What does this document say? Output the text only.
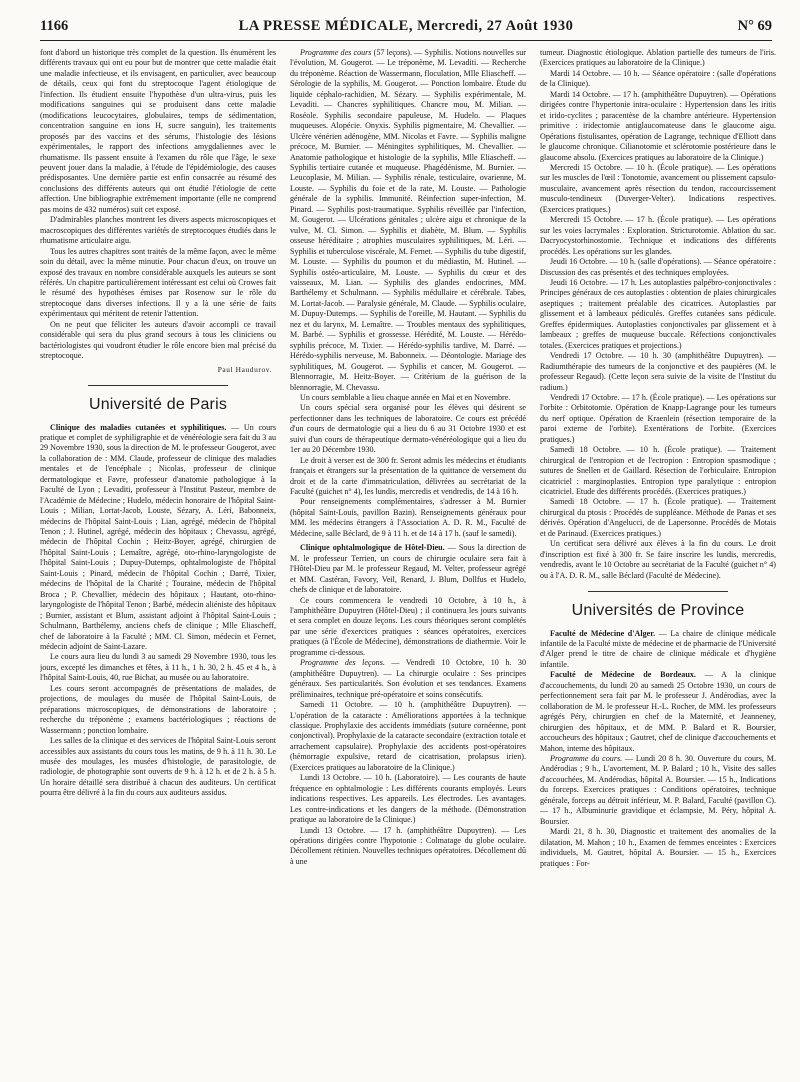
1166	LA PRESSE MÉDICALE, Mercredi, 27 Août 1930	N° 69

font d'abord un historique très complet de la question. Ils énumèrent les différents travaux qui ont eu pour but de montrer que cette maladie était une maladie infectieuse, et ils envisagent, en particulier, avec beaucoup de détails, ceux qui font du streptocoque l'agent étiologique de l'infection. Ils étudient ensuite l'hypothèse d'un ultra-virus, puis les modifications sanguines qui se produisent dans cette maladie (modifications leucocytaires, globulaires, temps de sédimentation, concentration sanguine en ions H, sucre sanguin), les traitements proposés par des vaccins et des sérums, l'histologie des lésions expérimentales, le rapport des infections amygdaliennes avec le rhumatisme. Ils passent ensuite à l'examen du rôle que l'âge, le sexe peuvent jouer dans la maladie, à l'étude de l'épidémiologie, des causes prédisposantes. Une dernière partie est enfin consacrée au résumé des conclusions des différents auteurs qui ont étudié l'étiologie de cette affection. Une bibliographie extrêmement importante (elle ne comprend pas moins de 432 numéros) suit cet exposé.

D'admirables planches montrent les divers aspects microscopiques et macroscopiques des différentes variétés de streptocoques étudiés dans le rhumatisme articulaire aigu.

Tous les autres chapitres sont traités de la même façon, avec le même soin du détail, avec la même minutie. Pour chacun d'eux, on trouve un exposé des travaux en nombre considérable auxquels les auteurs se sont référés. Un chapitre particulièrement intéressant est celui où Crowes fait le résumé des hypothèses émises par Rosenow sur le rôle du streptocoque dans diverses infections. Il y a là une série de faits expérimentaux qui méritent de retenir l'attention.

On ne peut que féliciter les auteurs d'avoir accompli ce travail considérable qui sera du plus grand secours à tous les cliniciens ou bactériologistes qui voudront étudier le rôle encore bien mal précisé du streptocoque.

Paul Haudurov.
Université de Paris

Clinique des maladies cutanées et syphilitiques. — Un cours pratique et complet de syphiligraphie et de vénéréologie sera fait du 3 au 29 Novembre 1930, sous la direction de M. le professeur Gougerot, avec la collaboration de : MM. Claude, professeur de clinique des maladies mentales et de l'encéphale ; Nicolas, professeur de clinique dermatologique et Favre, professeur d'anatomie pathologique à la Faculté de Lyon ; Levaditi, professeur à l'Institut Pasteur, membre de l'Académie de Médecine ; Hudelo, médecin honoraire de l'hôpital Saint-Louis ; Milian, Lortat-Jacob, Louste, Sézary, A. Léri, Babonneix, médecins de l'hôpital Saint-Louis ; Lian, agrégé, médecin de l'hôpital Tenon ; J. Hutinel, agrégé, médecin des hôpitaux ; Chevassu, agrégé, médecin de l'hôpital Cochin ; Heitz-Boyer, agrégé, chirurgien de l'hôpital Saint-Louis ; Lemaître, agrégé, oto-rhino-laryngologiste de l'hôpital Saint-Louis ; Dupuy-Dutemps, ophtalmologiste de l'hôpital Saint-Louis ; Pinard, médecin de l'hôpital Cochin ; Darré, Tixier, médecins de l'hôpital de la Charité ; Touraine, médecin de l'hôpital Broca ; P. Chevallier, médecin des hôpitaux ; Hautant, oto-rhino-laryngologiste de l'hôpital Tenon ; Barbé, médecin aliéniste des hôpitaux ; Burnier, assistant et Blum, assistant adjoint à l'hôpital Saint-Louis ; Schulmann, Barthélemy, anciens chefs de clinique ; Mlle Eliascheff, chef de laboratoire à la Faculté ; MM. Cl. Simon, médecin et Fernet, médecin adjoint de Saint-Lazare.

Le cours aura lieu du lundi 3 au samedi 29 Novembre 1930, tous les jours, excepté les dimanches et fêtes, à 11 h., 1 h. 30, 2 h. 45 et 4 h., à l'hôpital Saint-Louis, 40, rue Bichat, au musée ou au laboratoire.

Les cours seront accompagnés de présentations de malades, de projections, de moulages du musée de l'hôpital Saint-Louis, de préparations microscopiques, de démonstrations de laboratoire ; recherche du tréponème ; examens bactériologiques ; réactions de Wassermann ; ponction lombaire.

Les salles de la clinique et des services de l'hôpital Saint-Louis seront accessibles aux assistants du cours tous les matins, de 9 h. à 11 h. 30. Le musée des moulages, les musées d'histologie, de parasitologie, de radiologie, de photographie sont ouverts de 9 h. à 12 h. et de 2 h. à 5 h. Un horaire détaillé sera distribué à chacun des auditeurs. Un certificat pourra être délivré à la fin du cours aux auditeurs assidus.

Programme des cours (57 leçons). — Syphilis. Notions nouvelles sur l'évolution, M. Gougerot. — Le tréponème, M. Levaditi. — Recherche du tréponème. Réaction de Wassermann, floculation, Mlle Eliascheff. — Sérologie de la syphilis, M. Gougerot. — Ponction lombaire. Étude du liquide céphalo-rachidien, M. Sézary. — Syphilis expérimentale, M. Levaditi. — Chancres syphilitiques. Chancre mou, M. Milian. — Roséole. Syphilis secondaire papuleuse, M. Hudelo. — Plaques muqueuses. Alopécie. Onyxis. Syphilis pigmentaire, M. Chevallier. — Ulcère vénérien adénogène, MM. Nicolas et Favre. — Syphilis maligne précoce, M. Burnier. — Méningites syphilitiques, M. Chevallier. — Anatomie pathologique et histologie de la syphilis, Mlle Eliascheff. — Syphilis tertiaire cutanée et muqueuse. Phagédénisme, M. Burnier. — Leucoplasie, M. Milian. — Syphilis rénale, testiculaire, ovarienne, M. Louste. — Syphilis du foie et de la rate, M. Louste. — Pathologie générale de la syphilis. Immunité. Réinfection super-infection, M. Pinard. — Syphilis post-traumatique. Syphilis réveillée par l'infection, M. Gougerot. — Ulcérations génitales ; ulcère aigu et chronique de la vulve, M. Cl. Simon. — Syphilis et diabète, M. Blum. — Syphilis osseuse héréditaire ; atrophies musculaires syphilitiques, M. Léri. — Syphilis et tuberculose viscérale, M. Fernet. — Syphilis du tube digestif, M. Louste. — Syphilis du poumon et du médiastin, M. Hutinel. — Syphilis ostéo-articulaire, M. Louste. — Syphilis du cœur et des vaisseaux, M. Lian. — Syphilis des glandes endocrines, MM. Barthélemy et Schulmann. — Syphilis médullaire et cérébrale. Tabes, M. Lortat-Jacob. — Paralysie générale, M. Claude. — Syphilis oculaire, M. Dupuy-Dutemps. — Syphilis de l'oreille, M. Hautant. — Syphilis du nez et du larynx, M. Lemaître. — Troubles mentaux des syphilitiques, M. Barbé. — Syphilis et grossesse. Hérédité, M. Louste. — Hérédo-syphilis précoce, M. Tixier. — Hérédo-syphilis tardive, M. Darré. — Hérédo-syphilis nerveuse, M. Babonneix. — Déontologie. Mariage des syphilitiques, M. Gougerot. — Syphilis et cancer, M. Gougerot. — Blennorragie, M. Heitz-Boyer. — Critérium de la guérison de la blennorragie, M. Chevassu.

Un cours semblable a lieu chaque année en Mai et en Novembre.

Un cours spécial sera organisé pour les élèves qui désirent se perfectionner dans les techniques de laboratoire. Ce cours est précédé d'un cours de dermatologie qui a lieu du 6 au 31 Octobre 1930 et est suivi d'un cours de thérapeutique dermato-vénéréologique qui a lieu du 1er au 20 Décembre 1930.

Le droit à verser est de 300 fr. Seront admis les médecins et étudiants français et étrangers sur la présentation de la quittance de versement du droit et de la carte d'immatriculation, délivrées au secrétariat de la Faculté (guichet n° 4), les lundis, mercredis et vendredis, de 14 à 16 h.

Pour renseignements complémentaires, s'adresser à M. Burnier (hôpital Saint-Louis, pavillon Bazin). Renseignements généraux pour MM. les médecins étrangers à l'Association A. D. R. M., Faculté de Médecine, salle Béclard, de 9 à 11 h. et de 14 à 17 h. (sauf le samedi).

Clinique ophtalmologique de Hôtel-Dieu. — Sous la direction de M. le professeur Terrien, un cours de chirurgie oculaire sera fait à l'Hôtel-Dieu par M. le professeur Regaud, M. Velter, professeur agrégé et MM. Castéran, Favory, Veil, Renard, J. Blum, Dollfus et Hudelo, chefs de clinique et de laboratoire.

Ce cours commencera le vendredi 10 Octobre, à 10 h., à l'amphithéâtre Dupuytren (Hôtel-Dieu) ; il continuera les jours suivants et sera complet en douze leçons. Les cours théoriques seront complétés par une série d'exercices pratiques : séances opératoires, exercices pratiques (à l'École de Médecine), démonstrations de diathermie. Voir le programme ci-dessous.

Programme des leçons. — Vendredi 10 Octobre, 10 h. 30 (amphithéâtre Dupuytren). — La chirurgie oculaire : Ses principes généraux. Ses particularités. Son évolution et ses tendances. Examens préliminaires, technique pré-opératoire et soins consécutifs.

Samedi 11 Octobre. — 10 h. (amphithéâtre Dupuytren). — L'opération de la cataracte : Améliorations apportées à la technique classique. Prophylaxie des accidents immédiats (suture cornéenne, pont conjonctival). Prophylaxie de la cataracte secondaire (extraction totale et arrachement capsulaire). Prophylaxie des accidents post-opératoires (hémorragie expulsive, retard de cicatrisation, prolapsus irien). (Exercices pratiques au laboratoire de la Clinique.)

Lundi 13 Octobre. — 10 h. (Laboratoire). — Les courants de haute fréquence en ophtalmologie : Les différents courants employés. Leurs indications respectives. Les appareils. Les électrodes. Les avantages. Les contre-indications et les dangers de la méthode. (Démonstration pratique au laboratoire de la Clinique.)

Lundi 13 Octobre. — 17 h. (amphithéâtre Dupuytren). — Les opérations dirigées contre l'hypotonie : Colmatage du globe oculaire. Décollement rétinien. Nouvelles techniques opératoires. Décollement dû à une

tumeur. Diagnostic étiologique. Ablation partielle des tumeurs de l'iris. (Exercices pratiques au laboratoire de la Clinique.)

Mardi 14 Octobre. — 10 h. — Séance opératoire : (salle d'opérations de la Clinique).

Mardi 14 Octobre. — 17 h. (amphithéâtre Dupuytren). — Opérations dirigées contre l'hypertonie intra-oculaire : Hypertension dans les iritis et irido-cyclites ; paracentèse de la chambre antérieure. Hypertension primitive : iridectomie antiglaucomateuse dans le glaucome aigu. Opérations fistulisantes, opération de Lagrange, technique d'Elliott dans le glaucome chronique. Cilianotomie et sclérotomie postérieure dans le glaucome absolu. (Exercices pratiques au laboratoire de la Clinique.)

Mercredi 15 Octobre. — 10 h. (École pratique). — Les opérations sur les muscles de l'œil : Tonotomie, avancement ou plissement capsulo-musculaire, avancement après résection du tendon, raccourcissement musculo-tendineux (Duverger-Velter). Indications respectives. (Exercices pratiques.)

Mercredi 15 Octobre. — 17 h. (École pratique). — Les opérations sur les voies lacrymales : Exploration. Stricturotomie. Ablation du sac. Dacryocystorhinostomie. Technique et indications des différents procédés. Les opérations sur les glandes.

Jeudi 16 Octobre. — 10 h. (salle d'opérations). — Séance opératoire : Discussion des cas présentés et des techniques employées.

Jeudi 16 Octobre. — 17 h. Les autoplasties palpébro-conjonctivales : Principes généraux de ces autoplasties : obtention de plaies chirurgicales aseptiques ; traitement préalable des cicatrices. Autoplasties par glissement et à lambeaux pédiculés. Greffes cutanées sans pédicule. Greffes épidermiques. Autoplasties conjonctivales par glissement et à lambeaux ; greffes de muqueuse buccale. Réfections conjonctivales totales. (Exercices pratiques et projections.)

Vendredi 17 Octobre. — 10 h. 30 (amphithéâtre Dupuytren). — Radiumthérapie des tumeurs de la conjonctive et des paupières (M. le professeur Regaud). (Cette leçon sera suivie de la visite de l'Institut du radium.)

Vendredi 17 Octobre. — 17 h. (École pratique). — Les opérations sur l'orbite : Orbitotomie. Opération de Knapp-Lagrange pour les tumeurs du nerf optique. Opération de Kraenlein (résection temporaire de la paroi externe de l'orbite). Exentérations de l'orbite. (Exercices pratiques.)

Samedi 18 Octobre. — 10 h. (École pratique). — Traitement chirurgical de l'entropion et de l'ectropion : Entropion spasmodique ; sutures de Snellen et de Gaillard. Résection de l'orbiculaire. Entropion cicatriciel : marginoplasties. Entropion type paralytique : entropion cicatriciel. Etude des différents procédés. (Exercices pratiques.)

Samedi 18 Octobre. — 17 h. (École pratique). — Traitement chirurgical du ptosis : Procédés de suppléance. Méthode de Panas et ses dérivés. Opération d'Angelucci, de de Lapersonne. Procédés de Motais et de Parinaud. (Exercices pratiques.)

Un certificat sera délivré aux élèves à la fin du cours. Le droit d'inscription est fixé à 300 fr. Se faire inscrire les lundis, mercredis, vendredis, avant le 10 Octobre au secrétariat de la Faculté (guichet n° 4) ou à l'A. D. R. M., salle Béclard (Faculté de Médecine).

Universités de Province

Faculté de Médecine d'Alger. — La chaire de clinique médicale infantile de la Faculté mixte de médecine et de pharmacie de l'Université d'Alger prend le titre de chaire de clinique médicale et d'hygiène infantile.

Faculté de Médecine de Bordeaux. — A la clinique d'accouchements, du lundi 20 au samedi 25 Octobre 1930, un cours de perfectionnement sera fait par M. le professeur J. Andérodias, avec la collaboration de M. le professeur H.-L. Rocher, de MM. les professeurs agrégés Péry, chirurgien en chef de la Maternité, et Jeanneney, chirurgien des hôpitaux, et de MM. P. Balard et R. Boursier, accoucheurs des hôpitaux ; Gautret, chef de clinique d'accouchements et Mahon, interne des hôpitaux.

Programme du cours. — Lundi 20 8 h. 30. Ouverture du cours, M. Andérodias ; 9 h., L'avortement, M. P. Balard ; 10 h., Visite des salles d'accouchées, M. Andérodias, hôpital A. Boursier. — 15 h., Indications du forceps. Exercices pratiques : Conditions opératoires, technique générale, forceps au détroit inférieur, M. P. Balard, Faculté (pavillon C). — 17 h., Albuminurie gravidique et éclampsie, M. Péry, hôpital A. Boursier.

Mardi 21, 8 h. 30, Diagnostic et traitement des anomalies de la dilatation, M. Mahon ; 10 h., Examen de femmes enceintes : Exercices individuels, M. Gautret, hôpital A. Boursier. — 15 h., Exercices pratiques : For-
